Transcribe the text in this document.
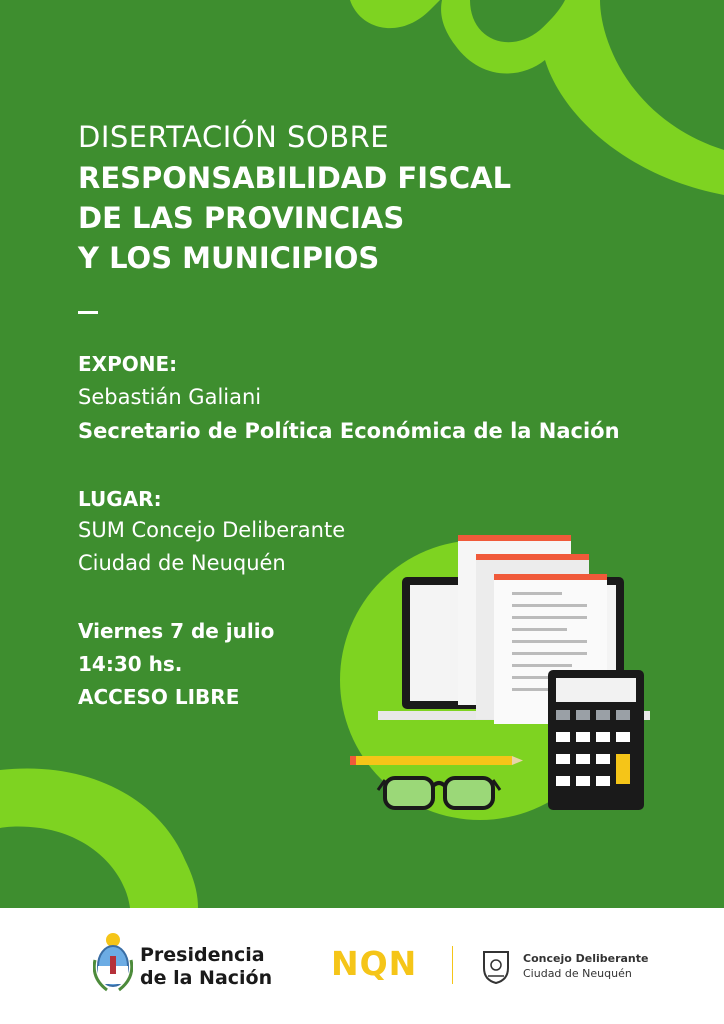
DISERTACIÓN SOBRE
RESPONSABILIDAD FISCAL
DE LAS PROVINCIAS
Y LOS MUNICIPIOS
EXPONE:
Sebastián Galiani
Secretario de Política Económica de la Nación
LUGAR:
SUM Concejo Deliberante
Ciudad de Neuquén
Viernes 7 de julio
14:30 hs.
ACCESO LIBRE
Presidencia
de la Nación NQN	Concejo Deliberante
Ciudad de Neuquén
